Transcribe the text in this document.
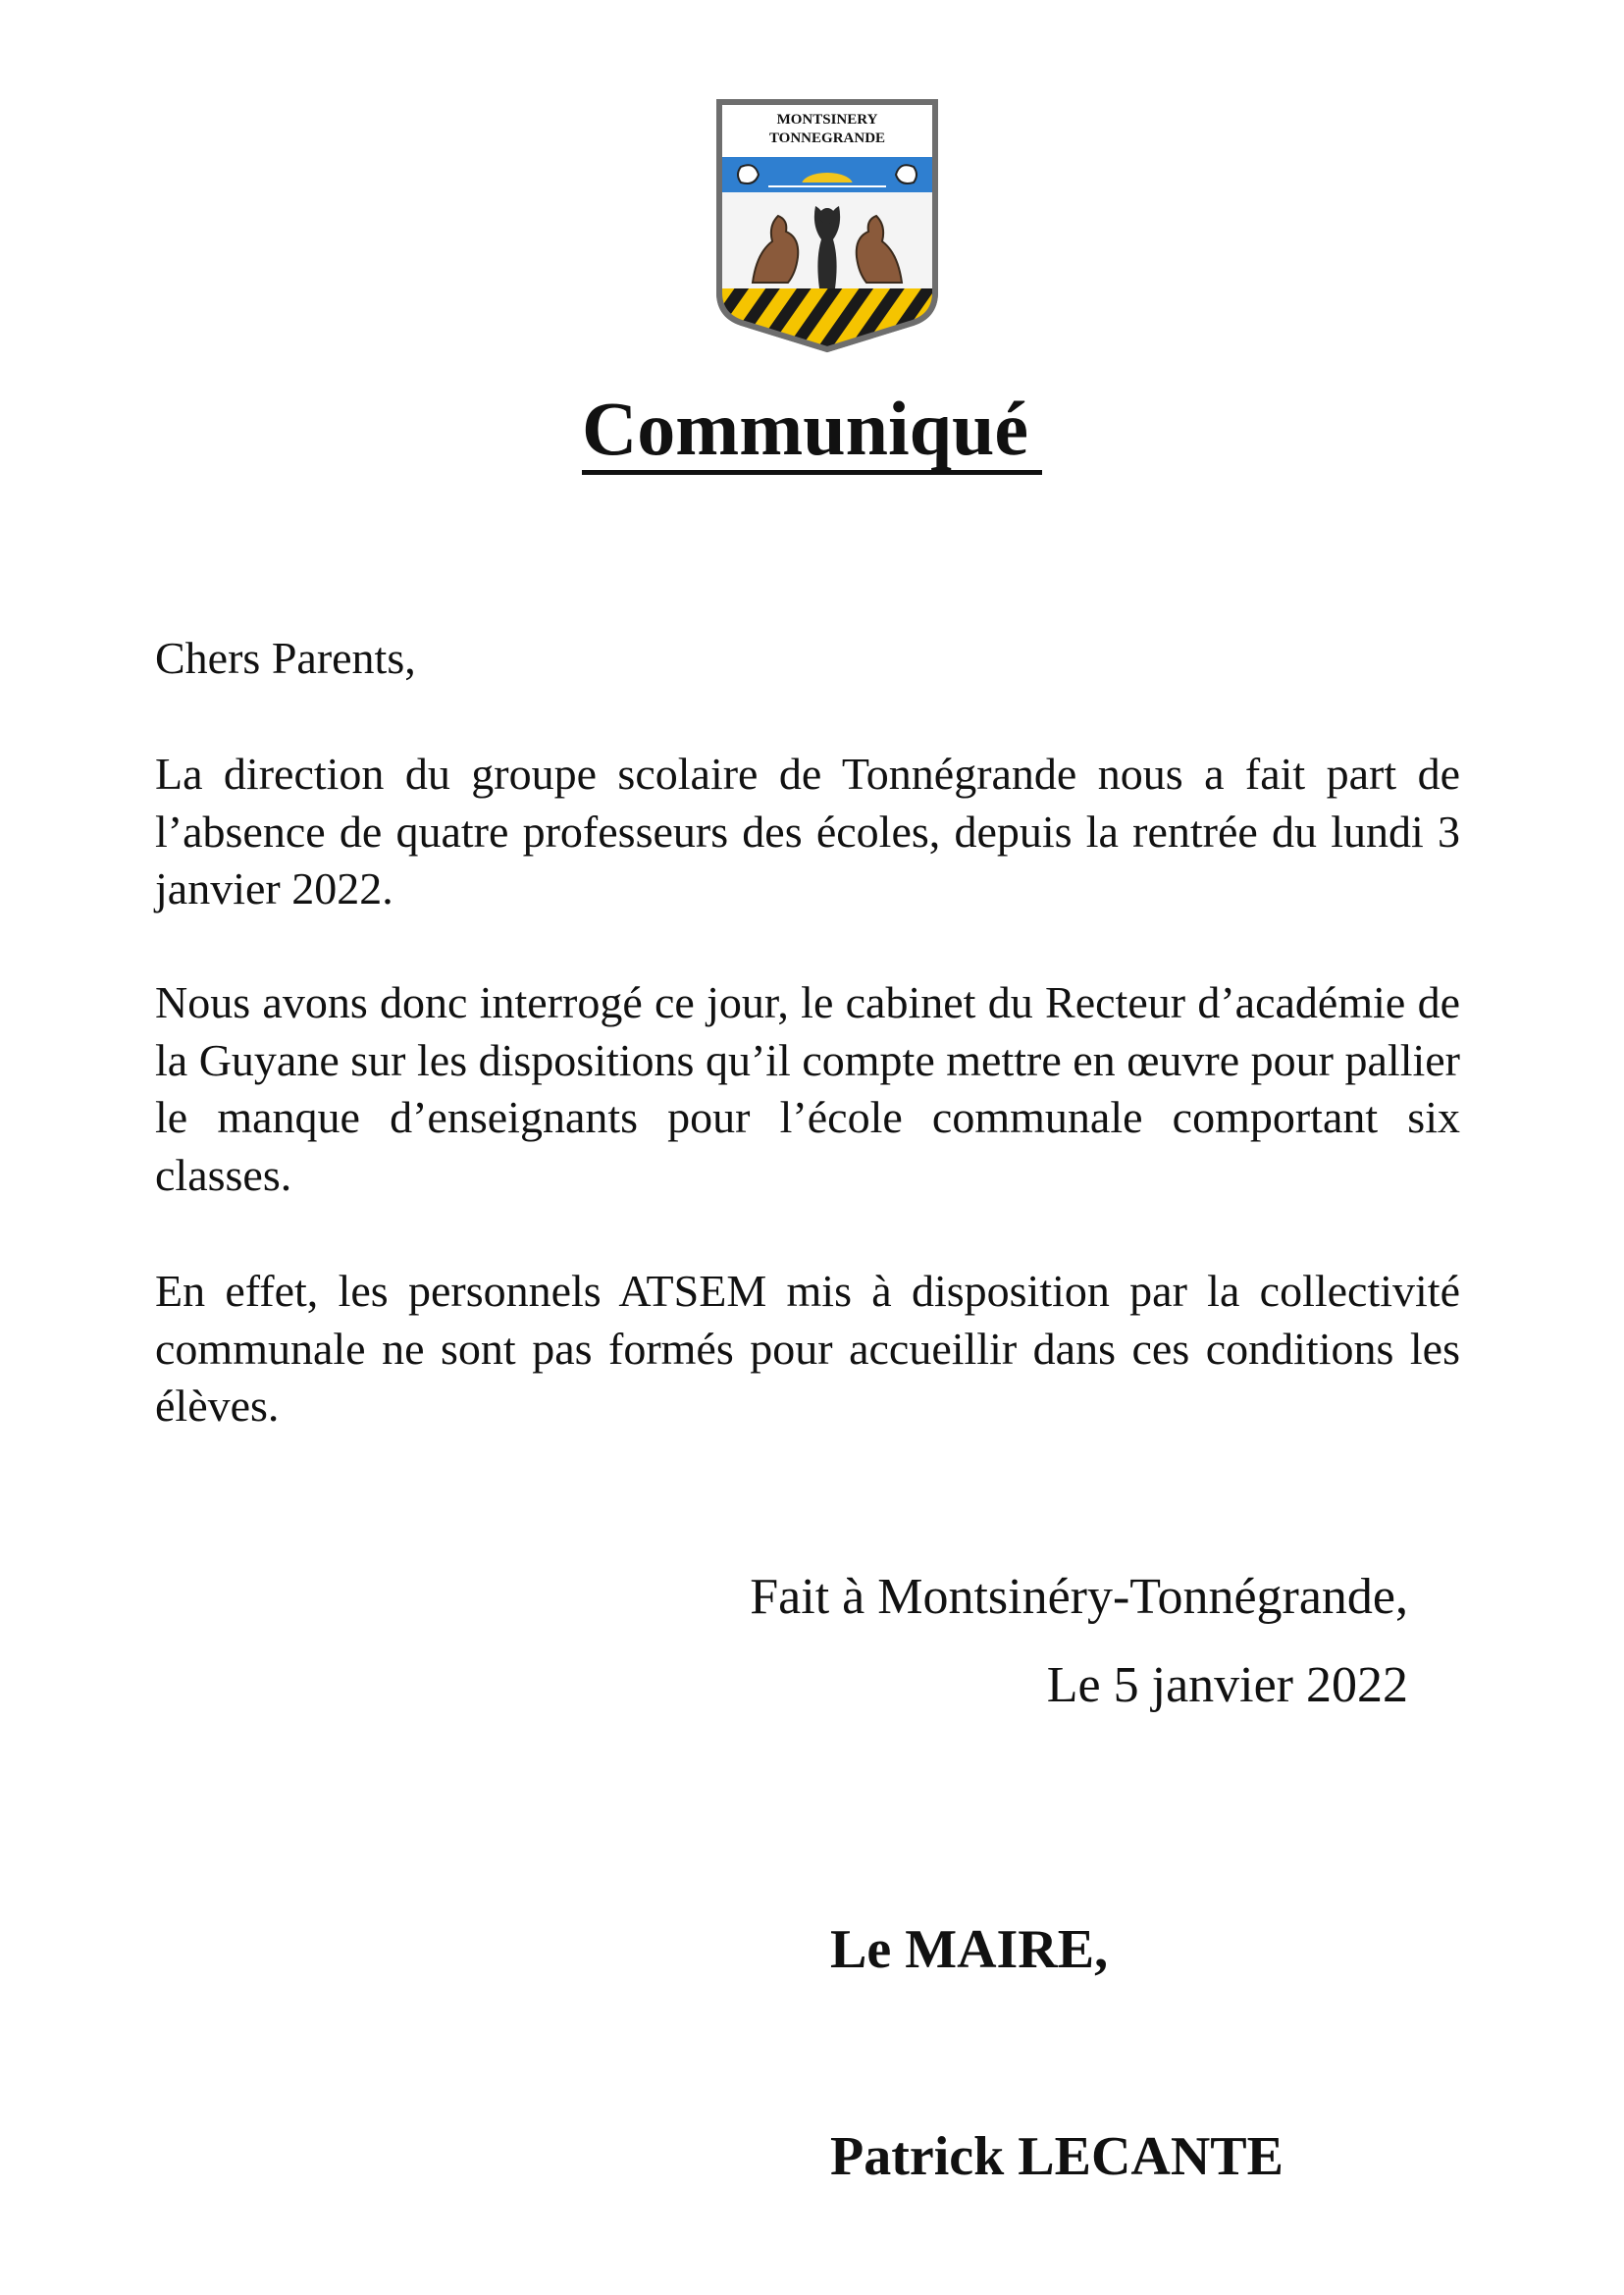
MONTSINERY
TONNEGRANDE
Communiqué
Chers Parents,
La direction du groupe scolaire de Tonnégrande nous a fait part de l’absence de quatre professeurs des écoles, depuis la rentrée du lundi 3 janvier 2022.
Nous avons donc interrogé ce jour, le cabinet du Recteur d’académie de la Guyane sur les dispositions qu’il compte mettre en œuvre pour pallier le manque d’enseignants pour l’école communale comportant six classes.
En effet, les personnels ATSEM mis à disposition par la collectivité communale ne sont pas formés pour accueillir dans ces conditions les élèves.
Fait à Montsinéry-Tonnégrande,
Le 5 janvier 2022
Le MAIRE,
Patrick LECANTE
